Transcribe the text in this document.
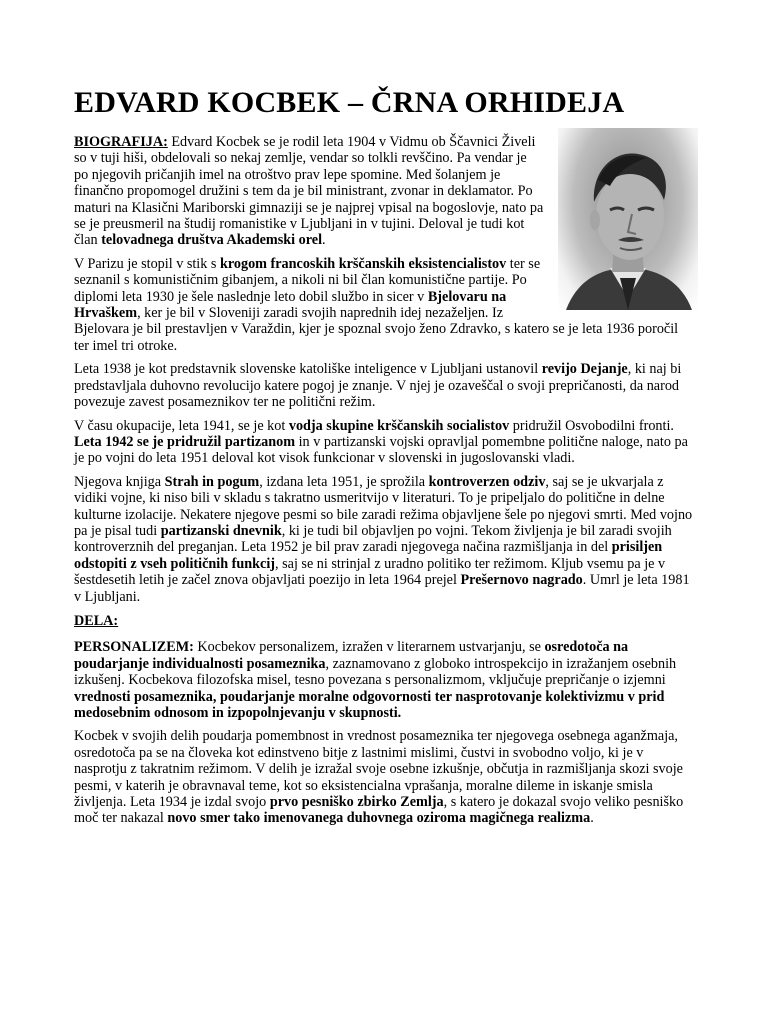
EDVARD KOCBEK – ČRNA ORHIDEJA

BIOGRAFIJA: Edvard Kocbek se je rodil leta 1904 v Vidmu ob Ščavnici Živeli so v tuji hiši, obdelovali so nekaj zemlje, vendar so tolkli revščino. Pa vendar je po njegovih pričanjih imel na otroštvo prav lepe spomine. Med šolanjem je finančno propomogel družini s tem da je bil ministrant, zvonar in deklamator. Po maturi na Klasični Mariborski gimnaziji se je najprej vpisal na bogoslovje, nato pa se je preusmeril na študij romanistike v Ljubljani in v tujini. Deloval je tudi kot član telovadnega društva Akademski orel.

V Parizu je stopil v stik s krogom francoskih krščanskih eksistencialistov ter se seznanil s komunističnim gibanjem, a nikoli ni bil član komunistične partije. Po diplomi leta 1930 je šele naslednje leto dobil službo in sicer v Bjelovaru na Hrvaškem, ker je bil v Sloveniji zaradi svojih naprednih idej nezaželjen. Iz Bjelovara je bil prestavljen v Varaždin, kjer je spoznal svojo ženo Zdravko, s katero se je leta 1936 poročil ter imel tri otroke.

Leta 1938 je kot predstavnik slovenske katoliške inteligence v Ljubljani ustanovil revijo Dejanje, ki naj bi predstavljala duhovno revolucijo katere pogoj je znanje. V njej je ozaveščal o svoji prepričanosti, da narod povezuje zavest posameznikov ter ne politični režim.

V času okupacije, leta 1941, se je kot vodja skupine krščanskih socialistov pridružil Osvobodilni fronti. Leta 1942 se je pridružil partizanom in v partizanski vojski opravljal pomembne politične naloge, nato pa je po vojni do leta 1951 deloval kot visok funkcionar v slovenski in jugoslovanski vladi.

Njegova knjiga Strah in pogum, izdana leta 1951, je sprožila kontroverzen odziv, saj se je ukvarjala z vidiki vojne, ki niso bili v skladu s takratno usmeritvijo v literaturi. To je pripeljalo do politične in delne kulturne izolacije. Nekatere njegove pesmi so bile zaradi režima objavljene šele po njegovi smrti. Med vojno pa je pisal tudi partizanski dnevnik, ki je tudi bil objavljen po vojni. Tekom življenja je bil zaradi svojih kontroverznih del preganjan. Leta 1952 je bil prav zaradi njegovega načina razmišljanja in del prisiljen odstopiti z vseh političnih funkcij, saj se ni strinjal z uradno politiko ter režimom. Kljub vsemu pa je v šestdesetih letih je začel znova objavljati poezijo in leta 1964 prejel Prešernovo nagrado. Umrl je leta 1981 v Ljubljani.

DELA:

PERSONALIZEM: Kocbekov personalizem, izražen v literarnem ustvarjanju, se osredotoča na poudarjanje individualnosti posameznika, zaznamovano z globoko introspekcijo in izražanjem osebnih izkušenj. Kocbekova filozofska misel, tesno povezana s personalizmom, vključuje prepričanje o izjemni vrednosti posameznika, poudarjanje moralne odgovornosti ter nasprotovanje kolektivizmu v prid medosebnim odnosom in izpopolnjevanju v skupnosti.

Kocbek v svojih delih poudarja pomembnost in vrednost posameznika ter njegovega osebnega aganžmaja, osredotoča pa se na človeka kot edinstveno bitje z lastnimi mislimi, čustvi in svobodno voljo, ki je v nasprotju z takratnim režimom. V delih je izražal svoje osebne izkušnje, občutja in razmišljanja skozi svoje pesmi, v katerih je obravnaval teme, kot so eksistencialna vprašanja, moralne dileme in iskanje smisla življenja. Leta 1934 je izdal svojo prvo pesniško zbirko Zemlja, s katero je dokazal svojo veliko pesniško moč ter nakazal novo smer tako imenovanega duhovnega oziroma magičnega realizma.
